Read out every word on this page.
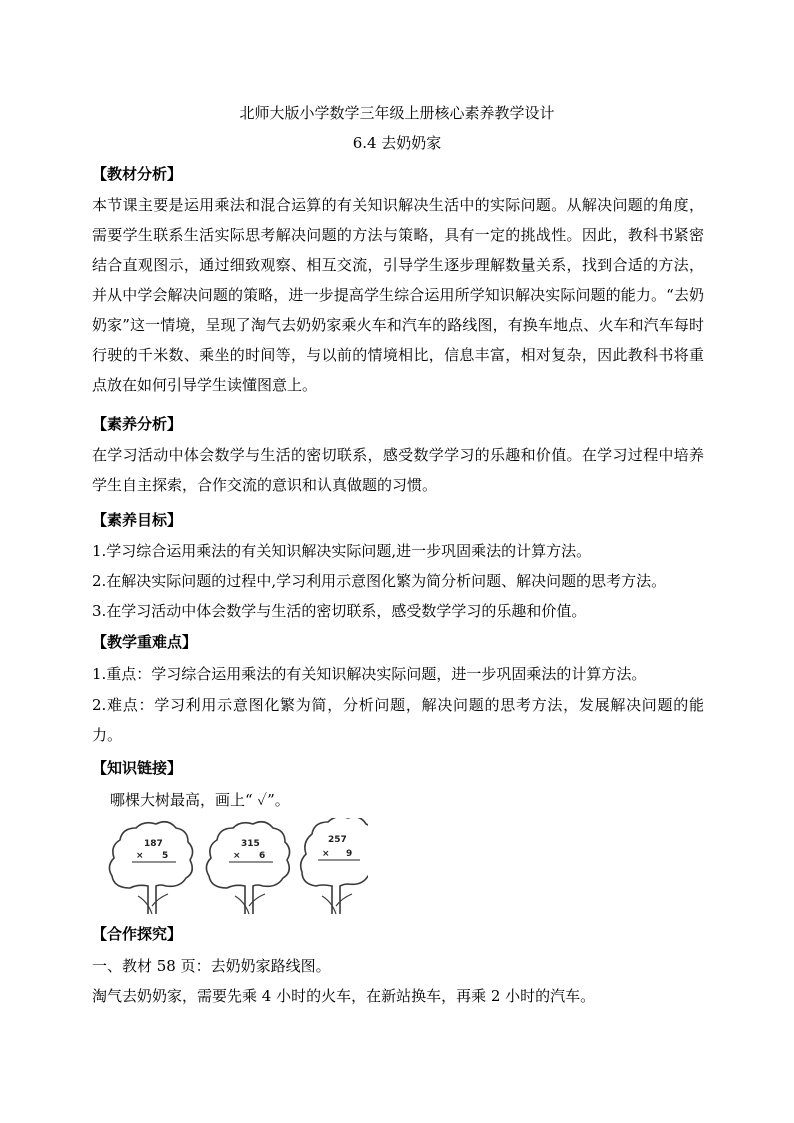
北师大版小学数学三年级上册核心素养教学设计
6.4 去奶奶家
【教材分析】
本节课主要是运用乘法和混合运算的有关知识解决生活中的实际问题。从解决问题的角度，需要学生联系生活实际思考解决问题的方法与策略，具有一定的挑战性。因此，教科书紧密结合直观图示，通过细致观察、相互交流，引导学生逐步理解数量关系，找到合适的方法，并从中学会解决问题的策略，进一步提高学生综合运用所学知识解决实际问题的能力。“去奶奶家”这一情境，呈现了淘气去奶奶家乘火车和汽车的路线图，有换车地点、火车和汽车每时行驶的千米数、乘坐的时间等，与以前的情境相比，信息丰富，相对复杂，因此教科书将重点放在如何引导学生读懂图意上。
【素养分析】
在学习活动中体会数学与生活的密切联系，感受数学学习的乐趣和价值。在学习过程中培养学生自主探索，合作交流的意识和认真做题的习惯。
【素养目标】
1.学习综合运用乘法的有关知识解决实际问题,进一步巩固乘法的计算方法。
2.在解决实际问题的过程中,学习利用示意图化繁为简分析问题、解决问题的思考方法。
3.在学习活动中体会数学与生活的密切联系，感受数学学习的乐趣和价值。
【教学重难点】
1.重点：学习综合运用乘法的有关知识解决实际问题，进一步巩固乘法的计算方法。
2.难点：学习利用示意图化繁为简，分析问题，解决问题的思考方法，发展解决问题的能力。
【知识链接】
哪棵大树最高，画上“ ✓”。
187
× 5
315
× 6
257
× 9
【合作探究】
一、教材 58 页：去奶奶家路线图。
淘气去奶奶家，需要先乘 4 小时的火车，在新站换车，再乘 2 小时的汽车。
